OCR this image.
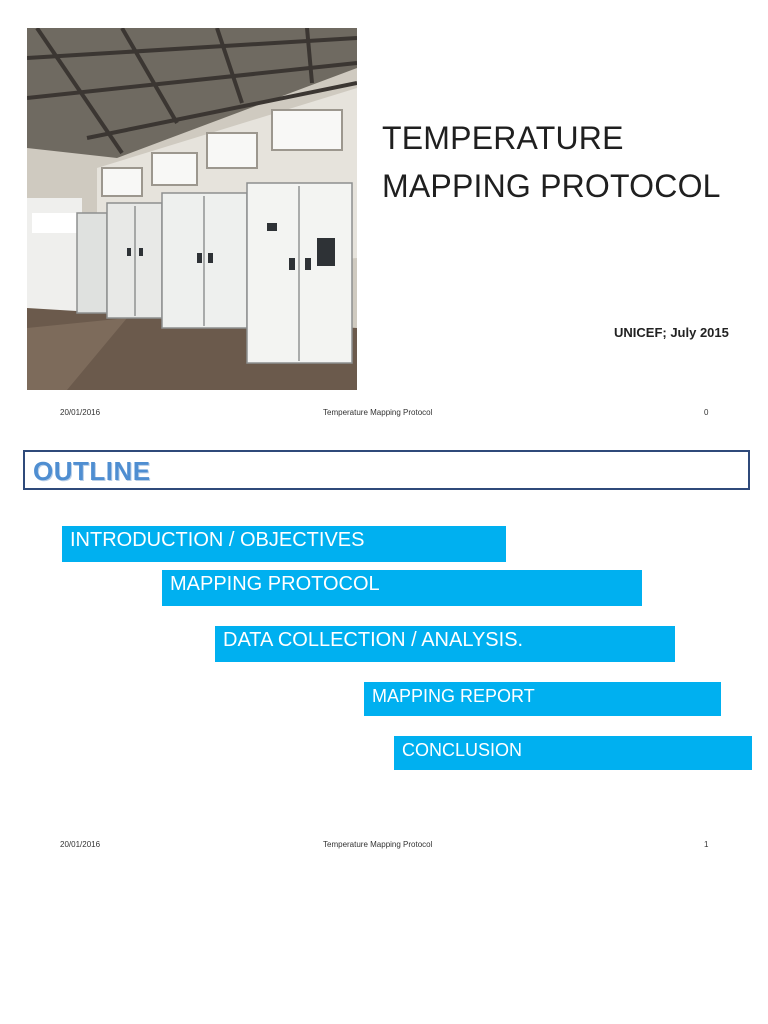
TEMPERATURE
MAPPING PROTOCOL
UNICEF; July 2015
20/01/2016	Temperature Mapping Protocol	0
OUTLINE
INTRODUCTION / OBJECTIVES
MAPPING PROTOCOL
DATA COLLECTION / ANALYSIS.
MAPPING REPORT
CONCLUSION
20/01/2016	Temperature Mapping Protocol	1
